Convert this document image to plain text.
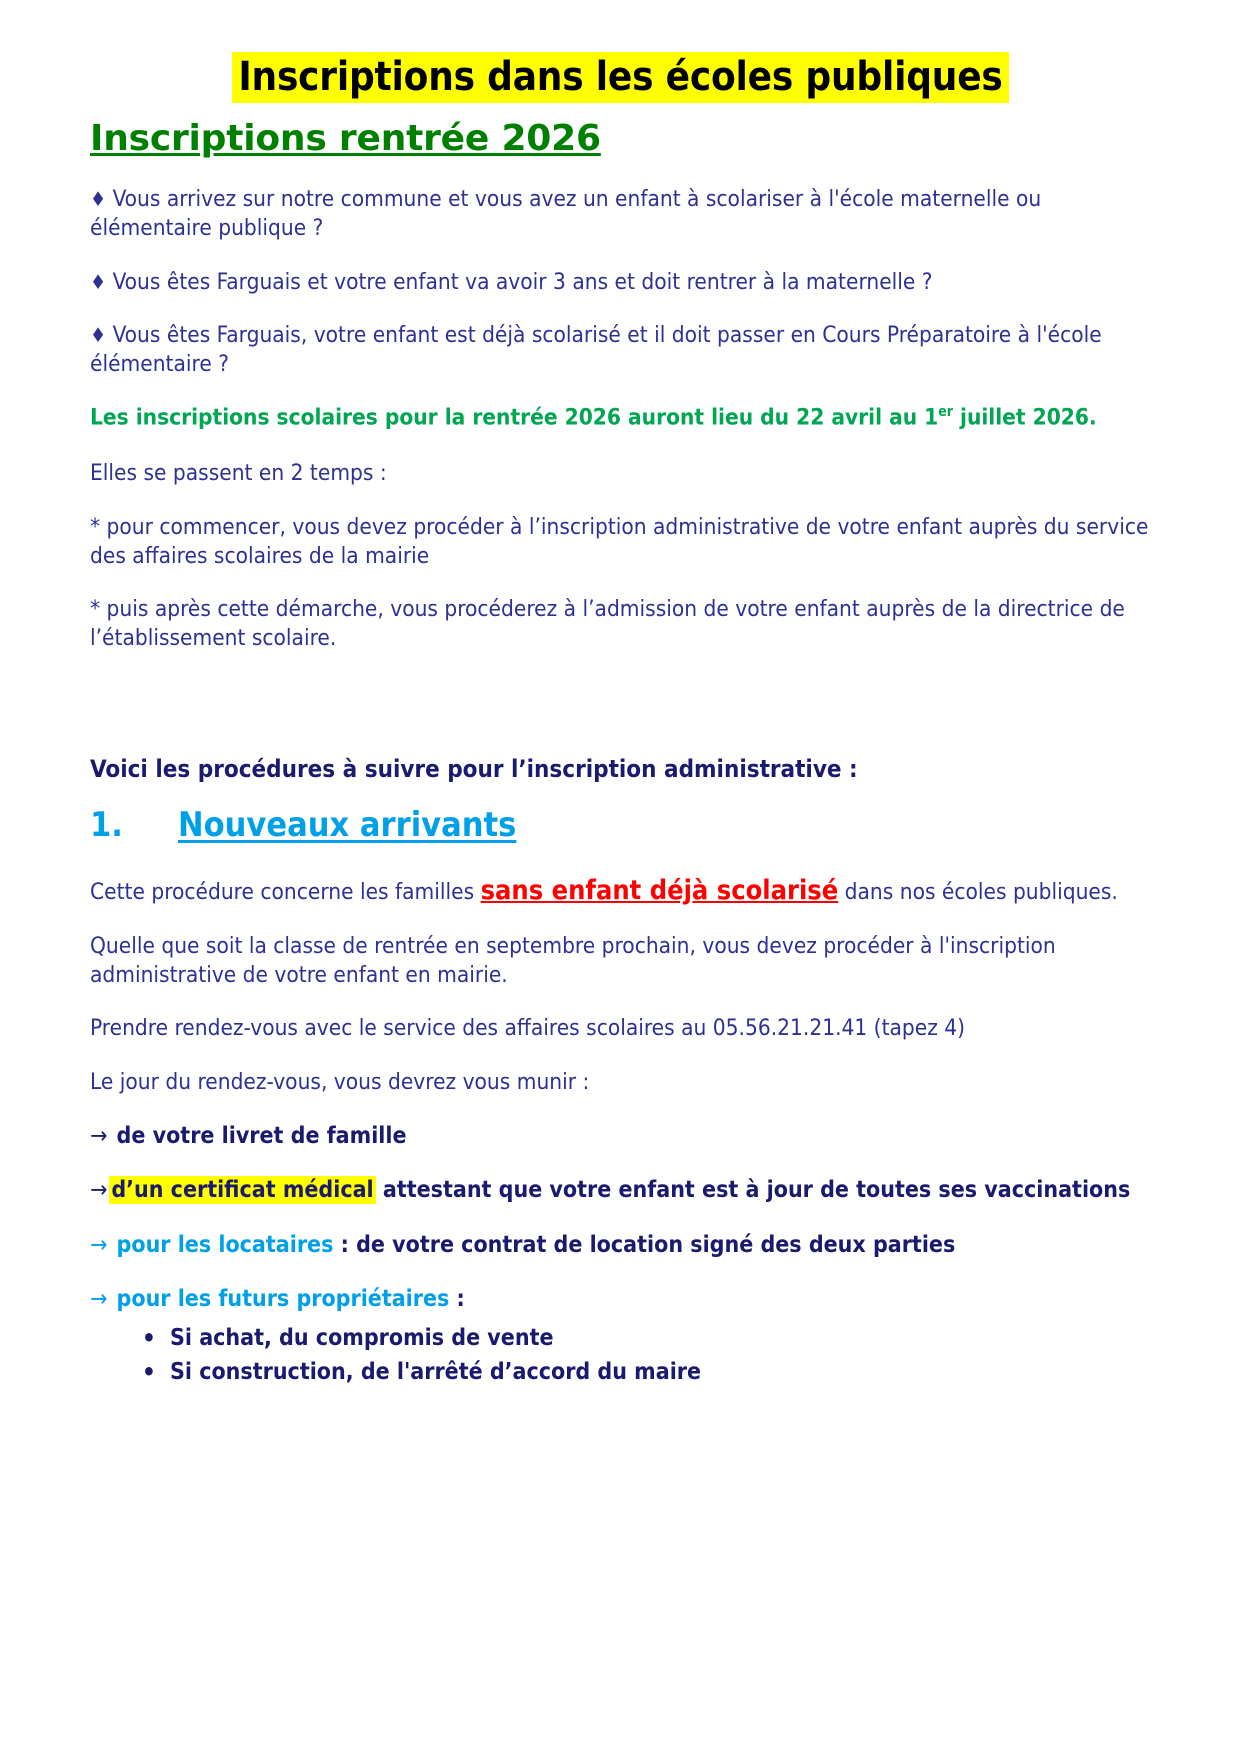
Inscriptions dans les écoles publiques
Inscriptions rentrée 2026

♦ Vous arrivez sur notre commune et vous avez un enfant à scolariser à l'école maternelle ou élémentaire publique ?

♦ Vous êtes Farguais et votre enfant va avoir 3 ans et doit rentrer à la maternelle ?

♦ Vous êtes Farguais, votre enfant est déjà scolarisé et il doit passer en Cours Préparatoire à l'école élémentaire ?

Les inscriptions scolaires pour la rentrée 2026 auront lieu du 22 avril au 1er juillet 2026.

Elles se passent en 2 temps :

* pour commencer, vous devez procéder à l’inscription administrative de votre enfant auprès du service des affaires scolaires de la mairie

* puis après cette démarche, vous procéderez à l’admission de votre enfant auprès de la directrice de l’établissement scolaire.

Voici les procédures à suivre pour l’inscription administrative :

1.	Nouveaux arrivants

Cette procédure concerne les familles sans enfant déjà scolarisé dans nos écoles publiques.

Quelle que soit la classe de rentrée en septembre prochain, vous devez procéder à l'inscription administrative de votre enfant en mairie.

Prendre rendez-vous avec le service des affaires scolaires au 05.56.21.21.41 (tapez 4)

Le jour du rendez-vous, vous devrez vous munir :

→ de votre livret de famille

→ d’un certificat médical attestant que votre enfant est à jour de toutes ses vaccinations

→ pour les locataires : de votre contrat de location signé des deux parties

→ pour les futurs propriétaires :

• Si achat, du compromis de vente
• Si construction, de l'arrêté d’accord du maire
